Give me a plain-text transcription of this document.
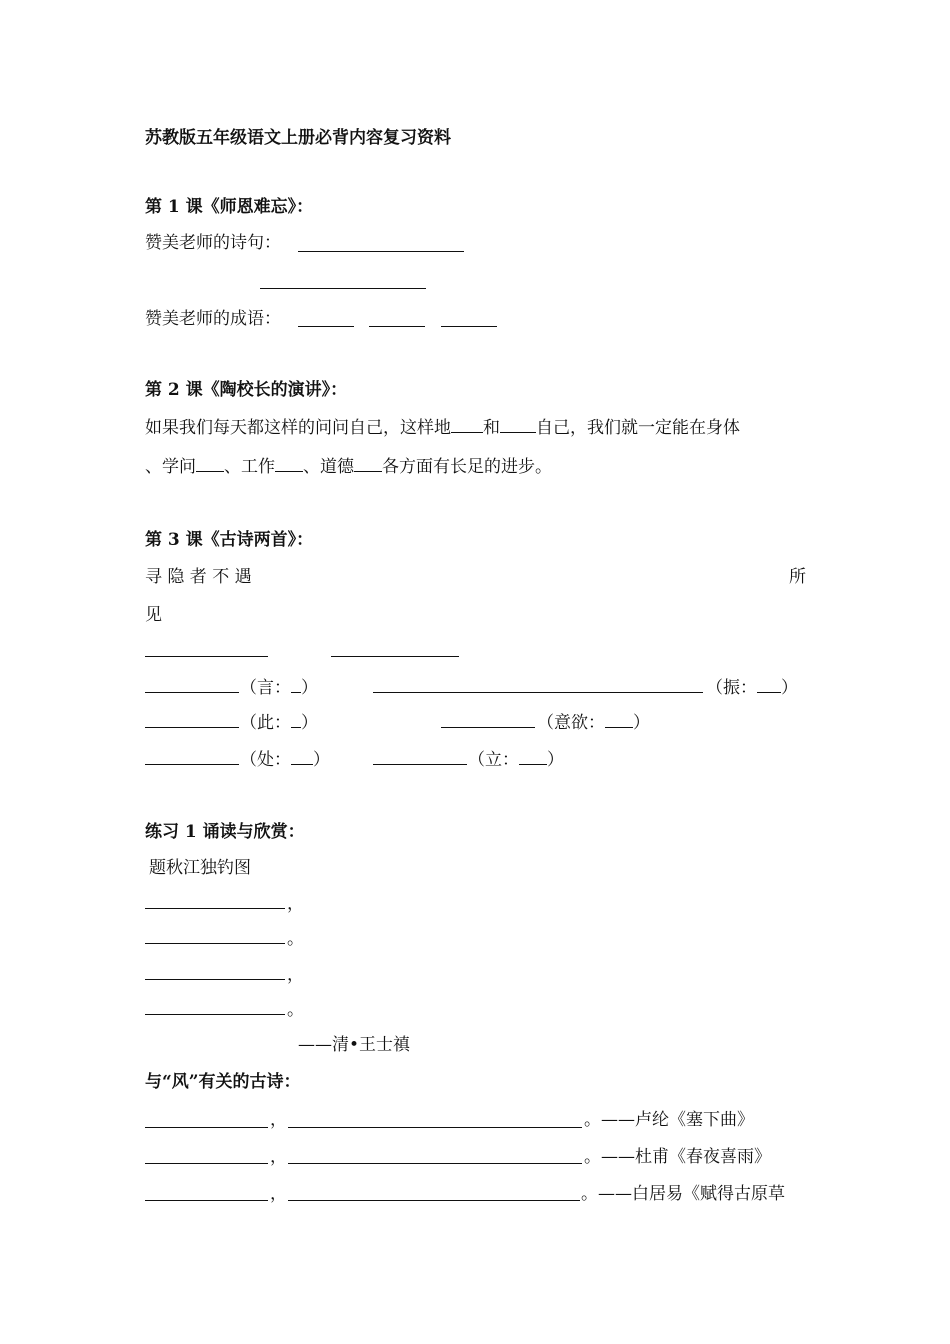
苏教版五年级语文上册必背内容复习资料
第 1 课《师恩难忘》：
赞美老师的诗句：
赞美老师的成语：
第 2 课《陶校长的演讲》：
如果我们每天都这样的问问自己，这样地 和 自己，我们就一定能在身体
、学问 、工作 、道德 各方面有长足的进步。
第 3 课《古诗两首》：
寻 隐 者 不 遇	所
见
（言： ）	（振： ）
（此： ）	（意欲： ）
（处： ）	（立： ）
练习 1 诵读与欣赏：
题秋江独钓图
，
。
，
。
——清•王士禛
与“风”有关的古诗：
，	。——卢纶《塞下曲》
，	。——杜甫《春夜喜雨》
，	。——白居易《赋得古原草
